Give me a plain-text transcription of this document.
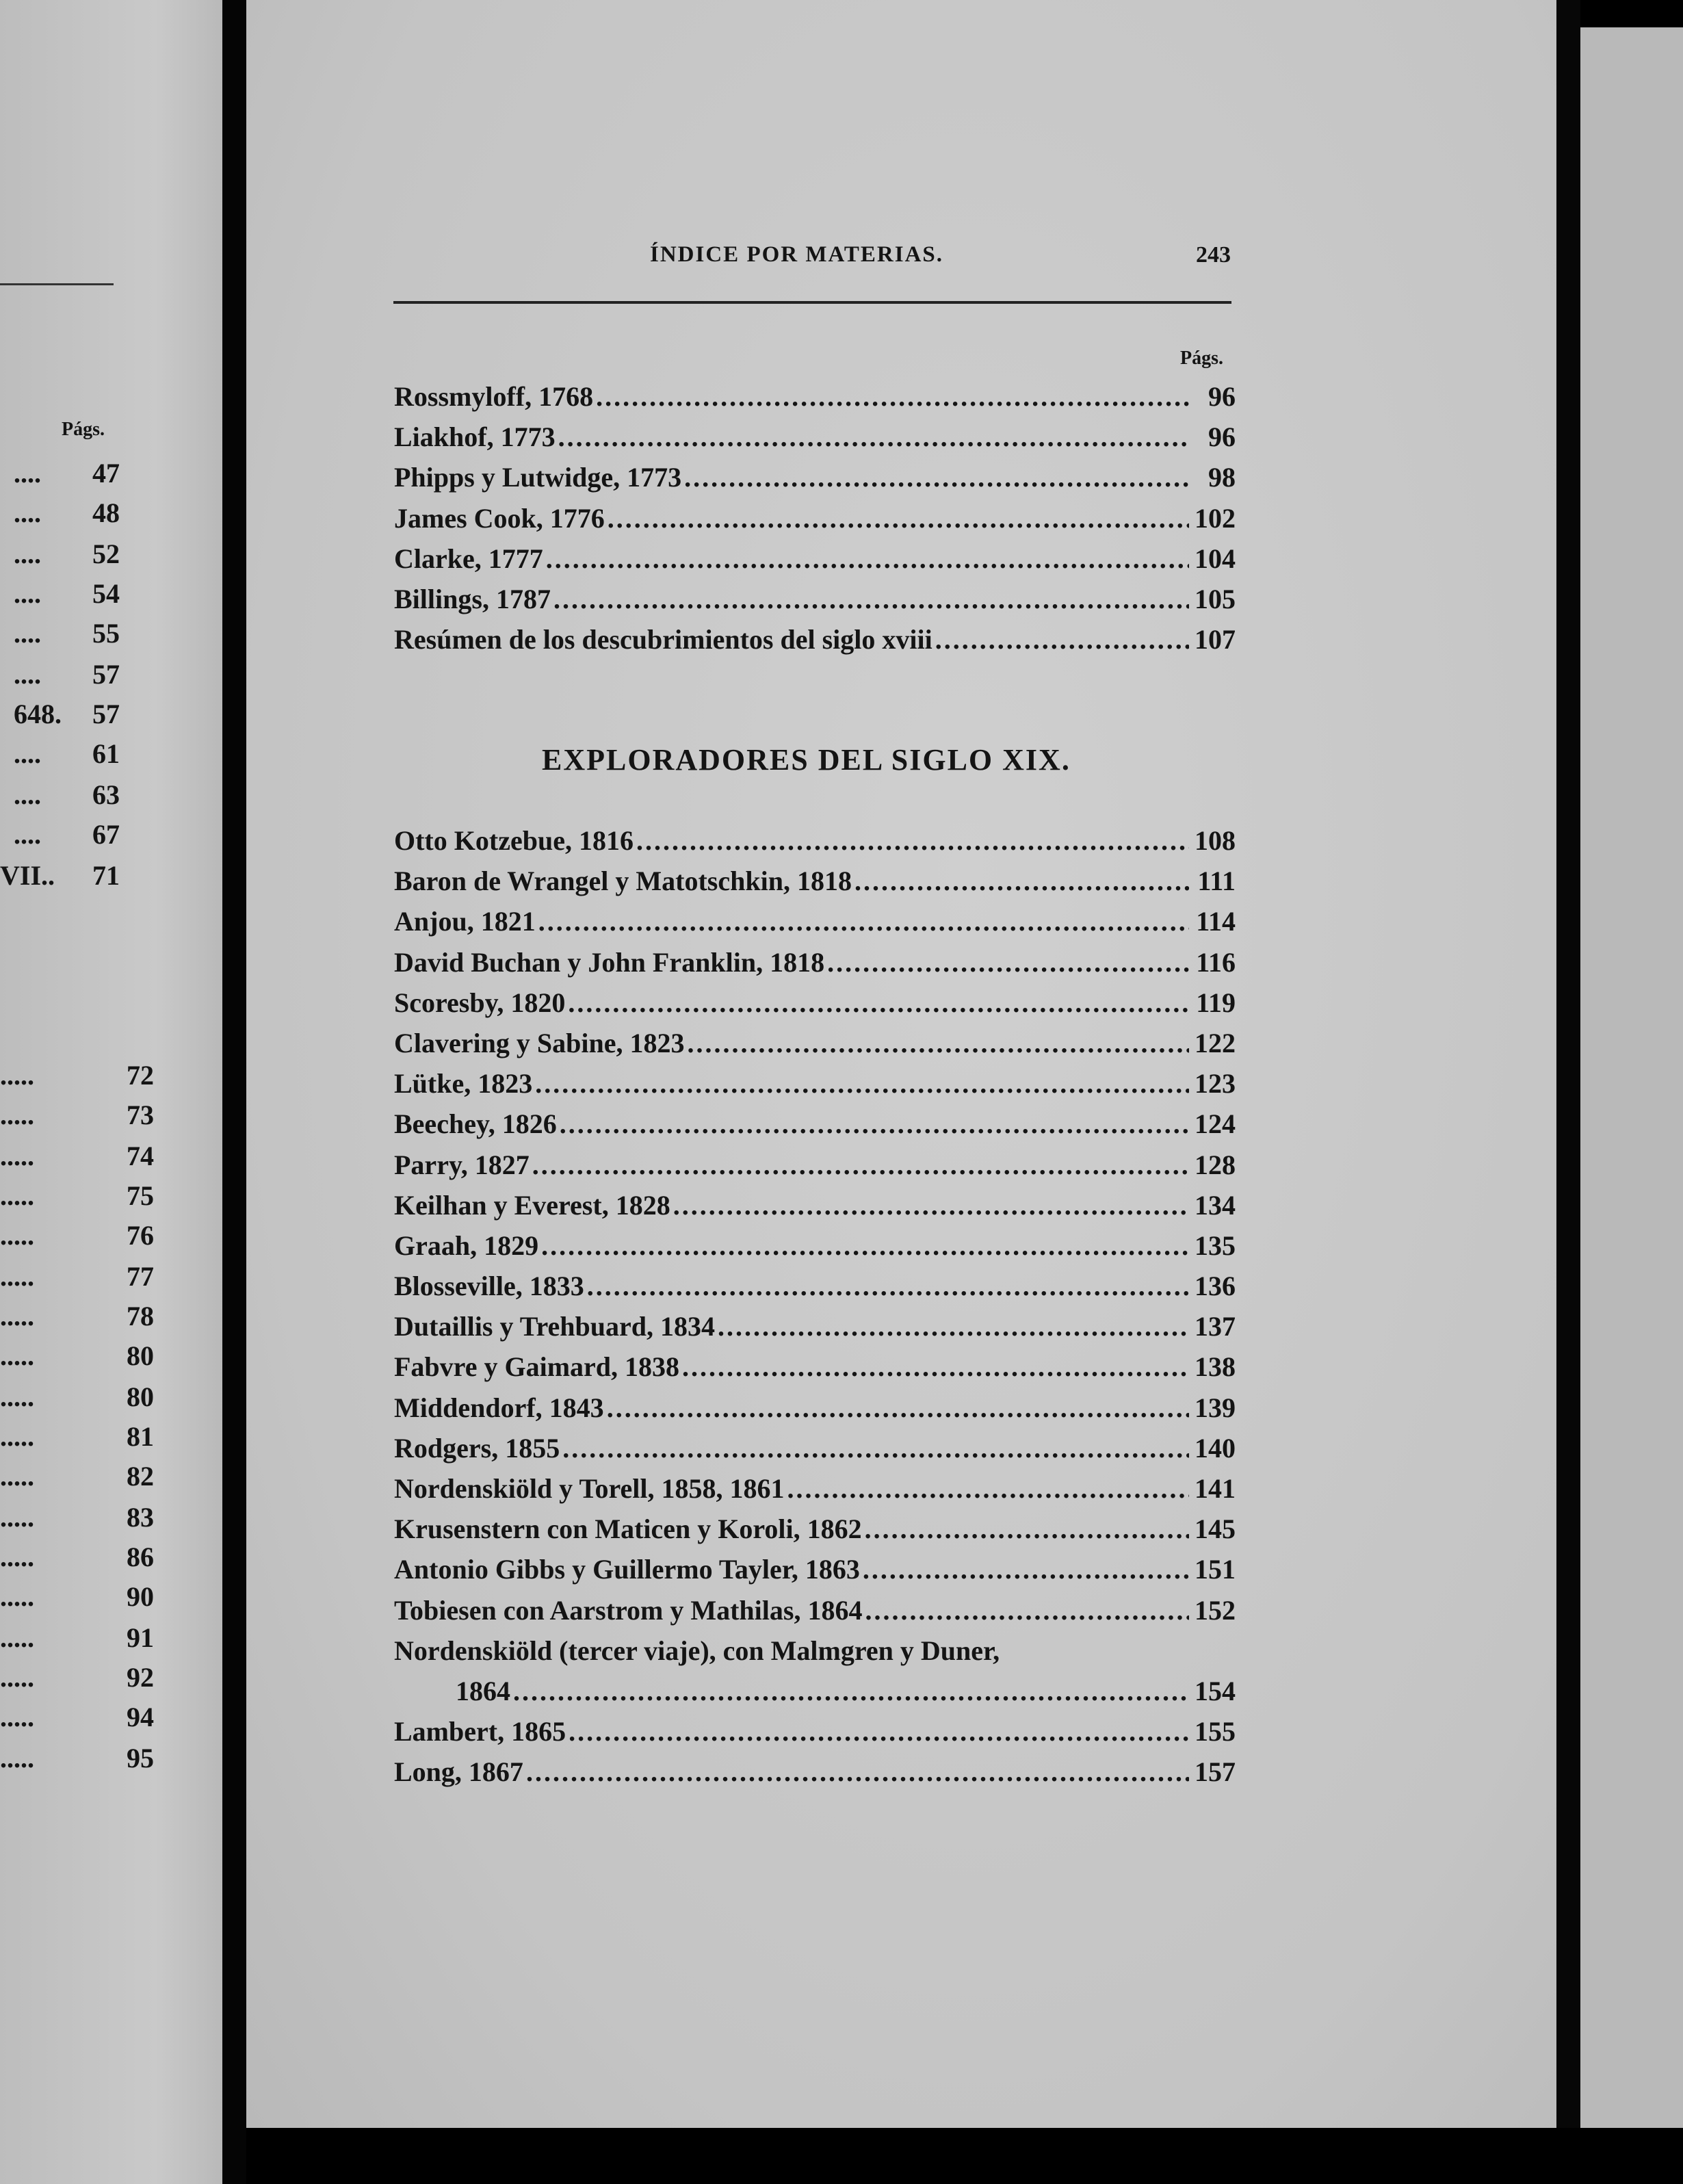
Págs.
.... 47
.... 48
.... 52
.... 54
.... 55
.... 57
648. 57
.... 61
.... 63
.... 67
VII.. 71
.....	72
.....	73
.....	74
.....	75
.....	76
.....	77
.....	78
.....	80
.....	80
.....	81
.....	82
.....	83
.....	86
.....	90
.....	91
.....	92
.....	94
.....	95
ÍNDICE POR MATERIAS.	243
Págs.
Rossmyloff, 1768 .....	96
Liakhof, 1773 .....	96
Phipps y Lutwidge, 1773 .....	98
James Cook, 1776 .....	102
Clarke, 1777 .....	104
Billings, 1787 .....	105
Resúmen de los descubrimientos del siglo xviii .....	107
EXPLORADORES DEL SIGLO XIX.
Otto Kotzebue, 1816 .....	108
Baron de Wrangel y Matotschkin, 1818 .....	111
Anjou, 1821 .....	114
David Buchan y John Franklin, 1818 .....	116
Scoresby, 1820 .....	119
Clavering y Sabine, 1823 .....	122
Lütke, 1823 .....	123
Beechey, 1826 .....	124
Parry, 1827 .....	128
Keilhan y Everest, 1828 .....	134
Graah, 1829 .....	135
Blosseville, 1833 .....	136
Dutaillis y Trehbuard, 1834 .....	137
Fabvre y Gaimard, 1838 .....	138
Middendorf, 1843 .....	139
Rodgers, 1855 .....	140
Nordenskiöld y Torell, 1858, 1861 .....	141
Krusenstern con Maticen y Koroli, 1862 .....	145
Antonio Gibbs y Guillermo Tayler, 1863 .....	151
Tobiesen con Aarstrom y Mathilas, 1864 .....	152
Nordenskiöld (tercer viaje), con Malmgren y Duner,
1864 .....	154
Lambert, 1865 .....	155
Long, 1867 .....	157
